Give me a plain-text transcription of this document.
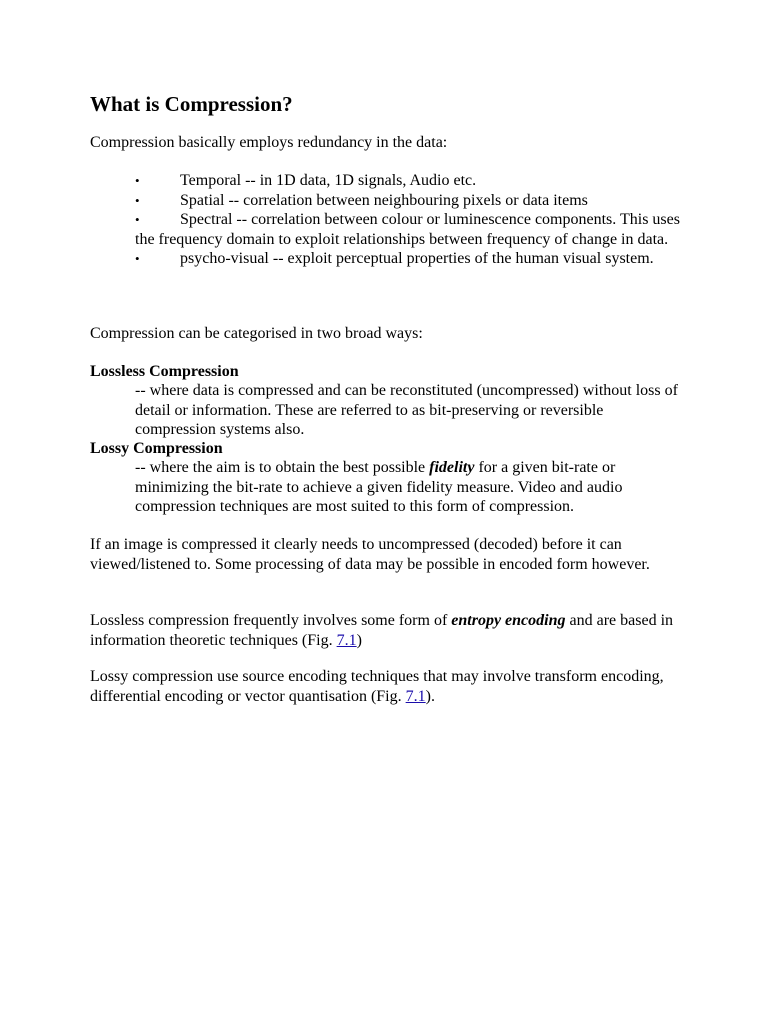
What is Compression?

Compression basically employs redundancy in the data:

•	Temporal -- in 1D data, 1D signals, Audio etc.
•	Spatial -- correlation between neighbouring pixels or data items
•	Spectral -- correlation between colour or luminescence components. This uses the frequency domain to exploit relationships between frequency of change in data.
•	psycho-visual -- exploit perceptual properties of the human visual system.

Compression can be categorised in two broad ways:

Lossless Compression

-- where data is compressed and can be reconstituted (uncompressed) without loss of detail or information. These are referred to as bit-preserving or reversible compression systems also.

Lossy Compression

-- where the aim is to obtain the best possible fidelity for a given bit-rate or minimizing the bit-rate to achieve a given fidelity measure. Video and audio compression techniques are most suited to this form of compression.

If an image is compressed it clearly needs to uncompressed (decoded) before it can viewed/listened to. Some processing of data may be possible in encoded form however.

Lossless compression frequently involves some form of entropy encoding and are based in information theoretic techniques (Fig. 7.1)

Lossy compression use source encoding techniques that may involve transform encoding, differential encoding or vector quantisation (Fig. 7.1).
